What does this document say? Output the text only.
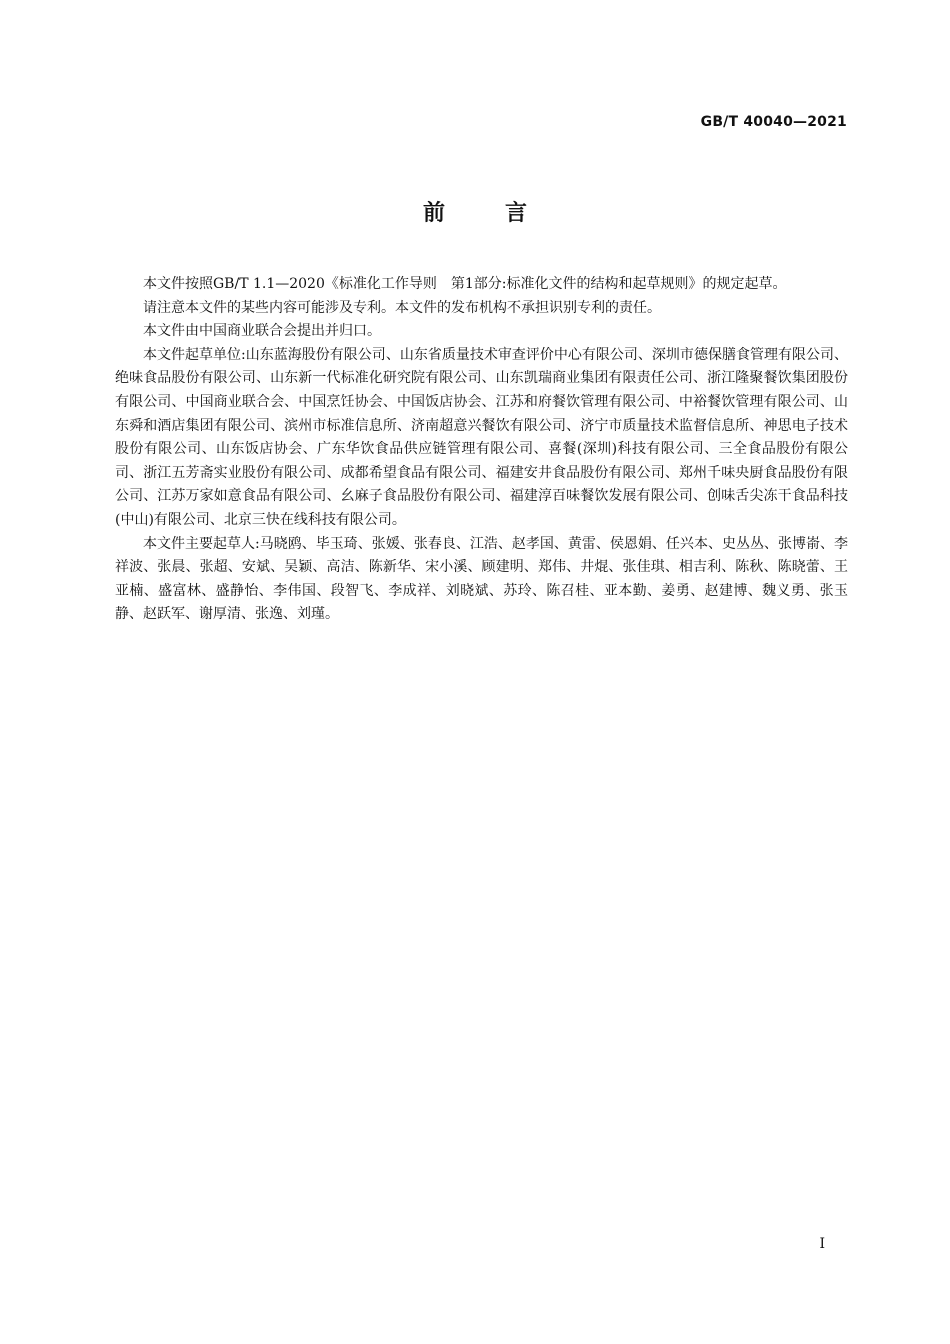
GB/T 40040—2021
前言

本文件按照GB/T 1.1—2020《标准化工作导则　第1部分:标准化文件的结构和起草规则》的规定起草。

请注意本文件的某些内容可能涉及专利。本文件的发布机构不承担识别专利的责任。

本文件由中国商业联合会提出并归口。

本文件起草单位:山东蓝海股份有限公司、山东省质量技术审查评价中心有限公司、深圳市德保膳食管理有限公司、绝味食品股份有限公司、山东新一代标准化研究院有限公司、山东凯瑞商业集团有限责任公司、浙江隆聚餐饮集团股份有限公司、中国商业联合会、中国烹饪协会、中国饭店协会、江苏和府餐饮管理有限公司、中裕餐饮管理有限公司、山东舜和酒店集团有限公司、滨州市标准信息所、济南超意兴餐饮有限公司、济宁市质量技术监督信息所、神思电子技术股份有限公司、山东饭店协会、广东华饮食品供应链管理有限公司、喜餐(深圳)科技有限公司、三全食品股份有限公司、浙江五芳斋实业股份有限公司、成都希望食品有限公司、福建安井食品股份有限公司、郑州千味央厨食品股份有限公司、江苏万家如意食品有限公司、幺麻子食品股份有限公司、福建淳百味餐饮发展有限公司、创味舌尖冻干食品科技(中山)有限公司、北京三快在线科技有限公司。

本文件主要起草人:马晓鸥、毕玉琦、张媛、张春良、江浩、赵孝国、黄雷、侯恩娟、任兴本、史丛丛、张博嵛、李祥波、张晨、张超、安斌、吴颖、高洁、陈新华、宋小溪、顾建明、郑伟、井焜、张佳琪、相吉利、陈秋、陈晓蕾、王亚楠、盛富林、盛静怡、李伟国、段智飞、李成祥、刘晓斌、苏玲、陈召桂、亚本勤、姜勇、赵建博、魏义勇、张玉静、赵跃军、谢厚清、张逸、刘瑾。

I
